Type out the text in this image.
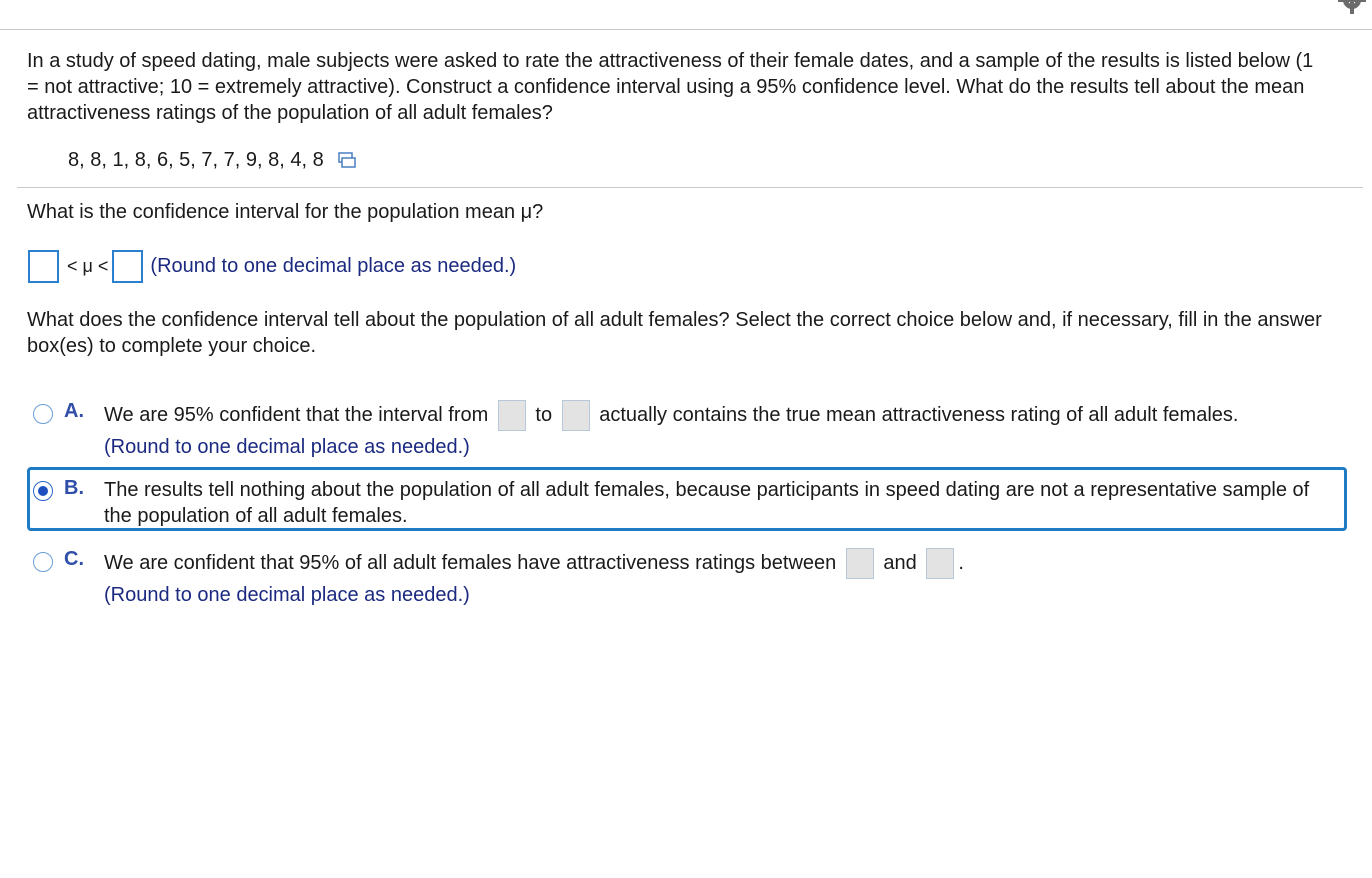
In a study of speed dating, male subjects were asked to rate the attractiveness of their female dates, and a sample of the results is listed below (1 = not attractive; 10 = extremely attractive). Construct a confidence interval using a 95% confidence level. What do the results tell about the mean attractiveness ratings of the population of all adult females?
8, 8, 1, 8, 6, 5, 7, 7, 9, 8, 4, 8
What is the confidence interval for the population mean μ?
< μ < (Round to one decimal place as needed.)
What does the confidence interval tell about the population of all adult females? Select the correct choice below and, if necessary, fill in the answer box(es) to complete your choice.
A. We are 95% confident that the interval from to actually contains the true mean attractiveness rating of all adult females.
(Round to one decimal place as needed.)
B. The results tell nothing about the population of all adult females, because participants in speed dating are not a representative sample of the population of all adult females.
C. We are confident that 95% of all adult females have attractiveness ratings between and .
(Round to one decimal place as needed.)
